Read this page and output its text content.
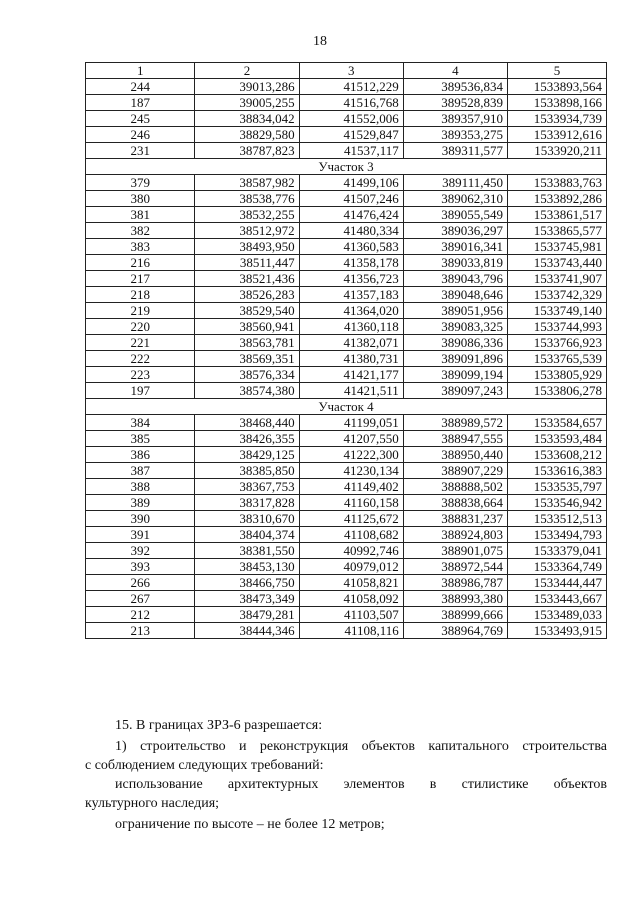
18
1	2	3	4	5
244	39013,286	41512,229	389536,834	1533893,564
187	39005,255	41516,768	389528,839	1533898,166
245	38834,042	41552,006	389357,910	1533934,739
246	38829,580	41529,847	389353,275	1533912,616
231	38787,823	41537,117	389311,577	1533920,211
Участок 3				
379	38587,982	41499,106	389111,450	1533883,763
380	38538,776	41507,246	389062,310	1533892,286
381	38532,255	41476,424	389055,549	1533861,517
382	38512,972	41480,334	389036,297	1533865,577
383	38493,950	41360,583	389016,341	1533745,981
216	38511,447	41358,178	389033,819	1533743,440
217	38521,436	41356,723	389043,796	1533741,907
218	38526,283	41357,183	389048,646	1533742,329
219	38529,540	41364,020	389051,956	1533749,140
220	38560,941	41360,118	389083,325	1533744,993
221	38563,781	41382,071	389086,336	1533766,923
222	38569,351	41380,731	389091,896	1533765,539
223	38576,334	41421,177	389099,194	1533805,929
197	38574,380	41421,511	389097,243	1533806,278
Участок 4				
384	38468,440	41199,051	388989,572	1533584,657
385	38426,355	41207,550	388947,555	1533593,484
386	38429,125	41222,300	388950,440	1533608,212
387	38385,850	41230,134	388907,229	1533616,383
388	38367,753	41149,402	388888,502	1533535,797
389	38317,828	41160,158	388838,664	1533546,942
390	38310,670	41125,672	388831,237	1533512,513
391	38404,374	41108,682	388924,803	1533494,793
392	38381,550	40992,746	388901,075	1533379,041
393	38453,130	40979,012	388972,544	1533364,749
266	38466,750	41058,821	388986,787	1533444,447
267	38473,349	41058,092	388993,380	1533443,667
212	38479,281	41103,507	388999,666	1533489,033
213	38444,346	41108,116	388964,769	1533493,915
15. В границах ЗРЗ-6 разрешается:
1) строительство и реконструкция объектов капитального строительства
с соблюдением следующих требований:
использование архитектурных элементов в стилистике объектов
культурного наследия;
ограничение по высоте – не более 12 метров;
